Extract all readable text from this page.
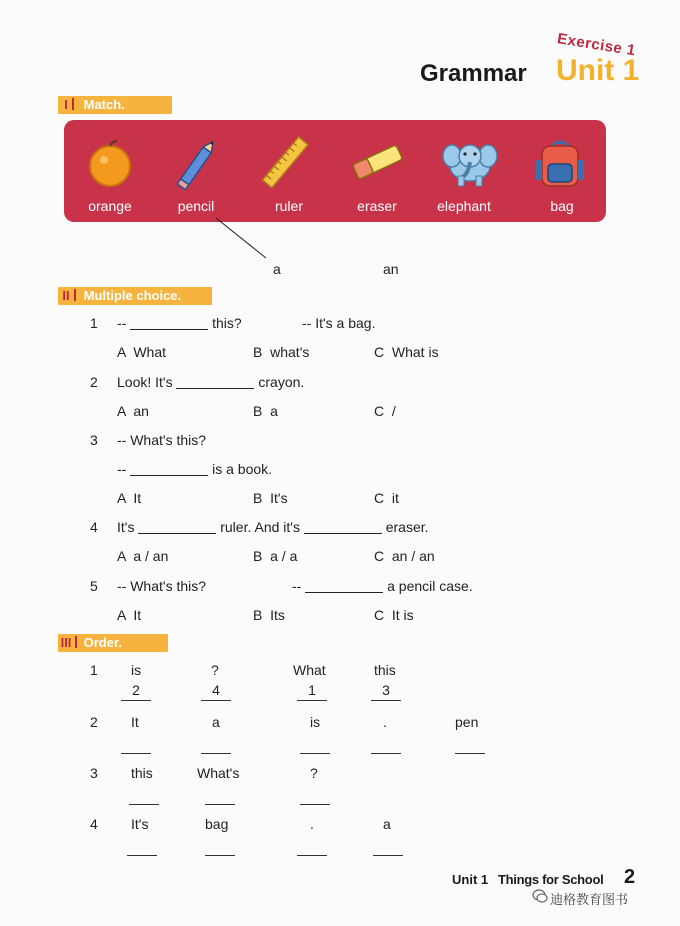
Exercise 1
Grammar Unit 1
I Match.
orange	pencil	ruler	eraser	elephant	bag
a	an
II Multiple choice.
1 --	this?	-- It's a bag.
A  What	B  what's	C  What is
2 Look! It's	crayon.
A  an	B  a	C  /
3 -- What's this?
--	is a book.
A  It	B  It's	C  it
4 It's	ruler. And it's	eraser.
A  a / an	B  a / a	C  an / an
5 -- What's this?	--	a pencil case.
A  It	B  Its	C  It is
III Order.
1 is	?	What	this
2	4	1	3
2 It	a	is	.	pen
3 this	What's	?
4 It's	bag	.	a
Unit 1 Things for School 2
迪格教育图书
